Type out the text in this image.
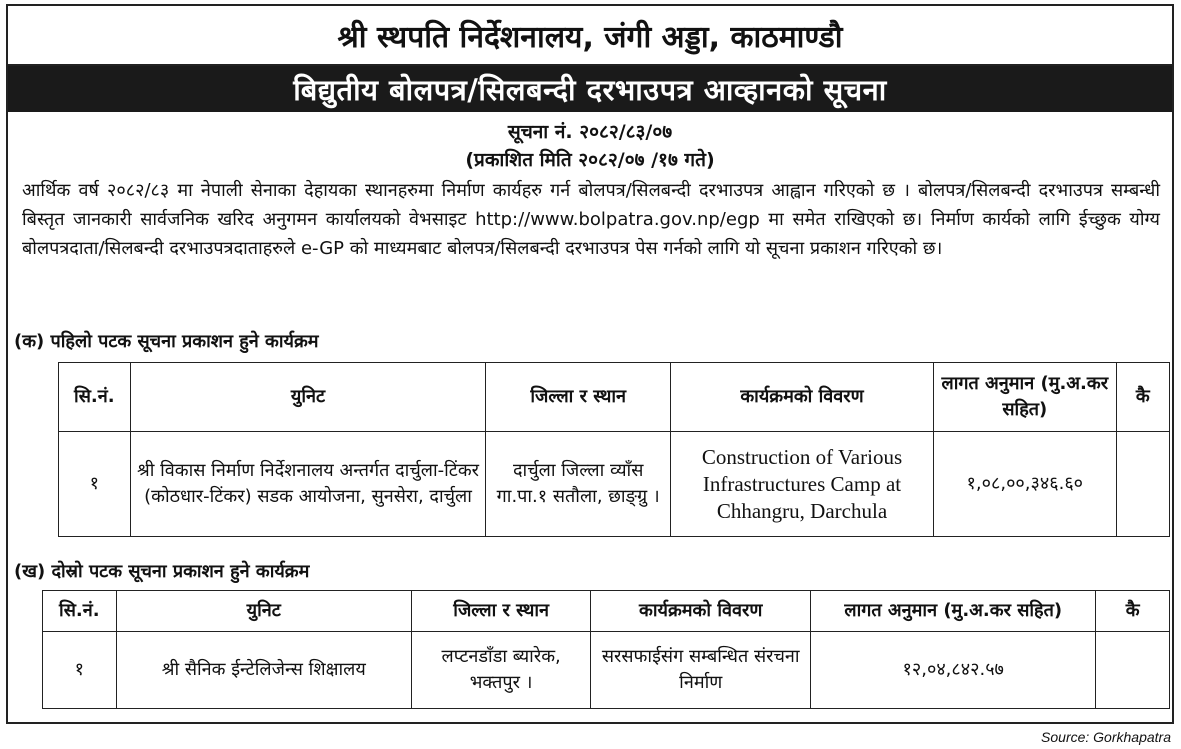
श्री स्थपति निर्देशनालय, जंगी अड्डा, काठमाण्डौ
बिद्युतीय बोलपत्र/सिलबन्दी दरभाउपत्र आव्हानको सूचना
सूचना नं. २०८२/८३/०७
(प्रकाशित मिति २०८२/०७ /१७ गते)
आर्थिक वर्ष २०८२/८३ मा नेपाली सेनाका देहायका स्थानहरुमा निर्माण कार्यहरु गर्न बोलपत्र/सिलबन्दी दरभाउपत्र आह्वान गरिएको छ । बोलपत्र/सिलबन्दी दरभाउपत्र सम्बन्धी बिस्तृत जानकारी सार्वजनिक खरिद अनुगमन कार्यालयको वेभसाइट http://www.bolpatra.gov.np/egp मा समेत राखिएको छ। निर्माण कार्यको लागि ईच्छुक योग्य बोलपत्रदाता/सिलबन्दी दरभाउपत्रदाताहरुले e-GP को माध्यमबाट बोलपत्र/सिलबन्दी दरभाउपत्र पेस गर्नको लागि यो सूचना प्रकाशन गरिएको छ।
(क) पहिलो पटक सूचना प्रकाशन हुने कार्यक्रम
सि.नं.	युनिट	जिल्ला र स्थान	कार्यक्रमको विवरण	लागत अनुमान (मु.अ.कर सहित)	कै
१	श्री विकास निर्माण निर्देशनालय अन्तर्गत दार्चुला-टिंकर (कोठधार-टिंकर) सडक आयोजना, सुनसेरा, दार्चुला	दार्चुला जिल्ला व्याँस गा.पा.१ सतौला, छाङ्ग्रु ।	Construction of Various Infrastructures Camp at Chhangru, Darchula	१,०८,००,३४६.६०	
(ख) दोस्रो पटक सूचना प्रकाशन हुने कार्यक्रम
सि.नं.	युनिट	जिल्ला र स्थान	कार्यक्रमको विवरण	लागत अनुमान (मु.अ.कर सहित)	कै
१	श्री सैनिक ईन्टेलिजेन्स शिक्षालय	लप्टनडाँडा ब्यारेक, भक्तपुर ।	सरसफाईसंग सम्बन्धित संरचना निर्माण	१२,०४,८४२.५७	
Source: Gorkhapatra
